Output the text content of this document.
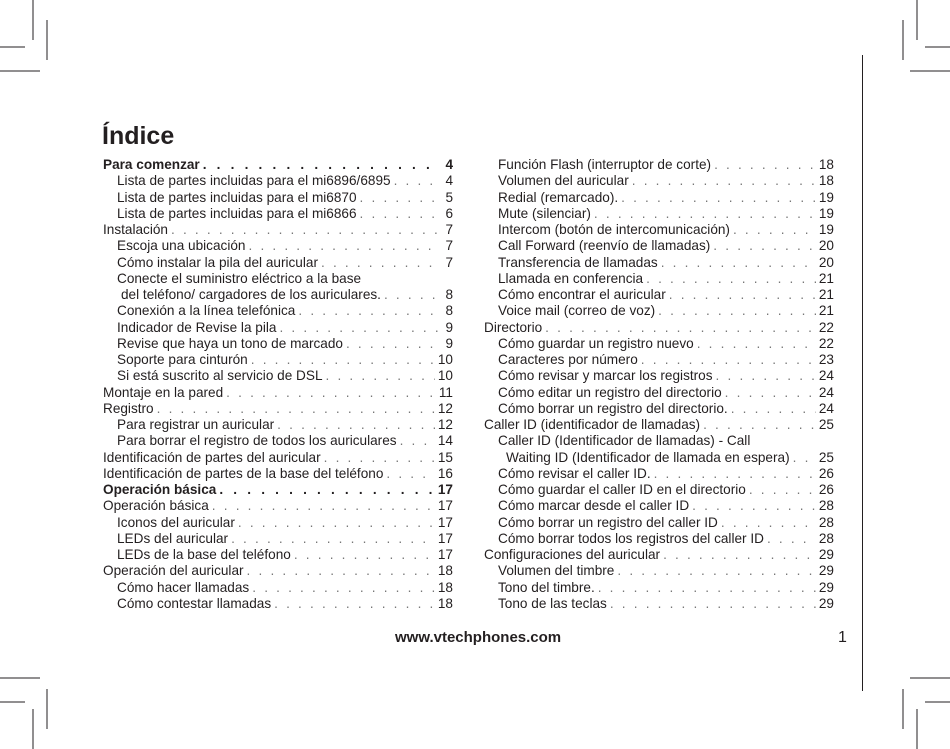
Índice
Para comenzar . . .	4
Lista de partes incluidas para el mi6896/6895 . . .	4
Lista de partes incluidas para el mi6870 . . .	5
Lista de partes incluidas para el mi6866 . . .	6
Instalación . . .	7
Escoja una ubicación . . .	7
Cómo instalar la pila del auricular . . .	7
Conecte el suministro eléctrico a la base
del teléfono/ cargadores de los auriculares. . . .	8
Conexión a la línea telefónica . . .	8
Indicador de Revise la pila . . .	9
Revise que haya un tono de marcado . . .	9
Soporte para cinturón . . .	10
Si está suscrito al servicio de DSL . . .	10
Montaje en la pared . . .	11
Registro . . .	12
Para registrar un auricular . . .	12
Para borrar el registro de todos los auriculares . . .	14
Identificación de partes del auricular . . .	15
Identificación de partes de la base del teléfono . . .	16
Operación básica . . .	17
Operación básica . . .	17
Iconos del auricular . . .	17
LEDs del auricular . . .	17
LEDs de la base del teléfono . . .	17
Operación del auricular . . .	18
Cómo hacer llamadas . . .	18
Cómo contestar llamadas . . .	18
Función Flash (interruptor de corte) . . .	18
Volumen del auricular . . .	18
Redial (remarcado). . . .	19
Mute (silenciar) . . .	19
Intercom (botón de intercomunicación) . . .	19
Call Forward (reenvío de llamadas) . . .	20
Transferencia de llamadas . . .	20
Llamada en conferencia . . .	21
Cómo encontrar el auricular . . .	21
Voice mail (correo de voz) . . .	21
Directorio . . .	22
Cómo guardar un registro nuevo . . .	22
Caracteres por número . . .	23
Cómo revisar y marcar los registros . . .	24
Cómo editar un registro del directorio . . .	24
Cómo borrar un registro del directorio. . . .	24
Caller ID (identificador de llamadas) . . .	25
Caller ID (Identificador de llamadas) - Call
Waiting ID (Identificador de llamada en espera) . . . 25
Cómo revisar el caller ID. . . .	26
Cómo guardar el caller ID en el directorio . . .	26
Cómo marcar desde el caller ID . . .	28
Cómo borrar un registro del caller ID . . .	28
Cómo borrar todos los registros del caller ID . . .	28
Configuraciones del auricular . . .	29
Volumen del timbre . . .	29
Tono del timbre. . . .	29
Tono de las teclas . . .	29
www.vtechphones.com	1
